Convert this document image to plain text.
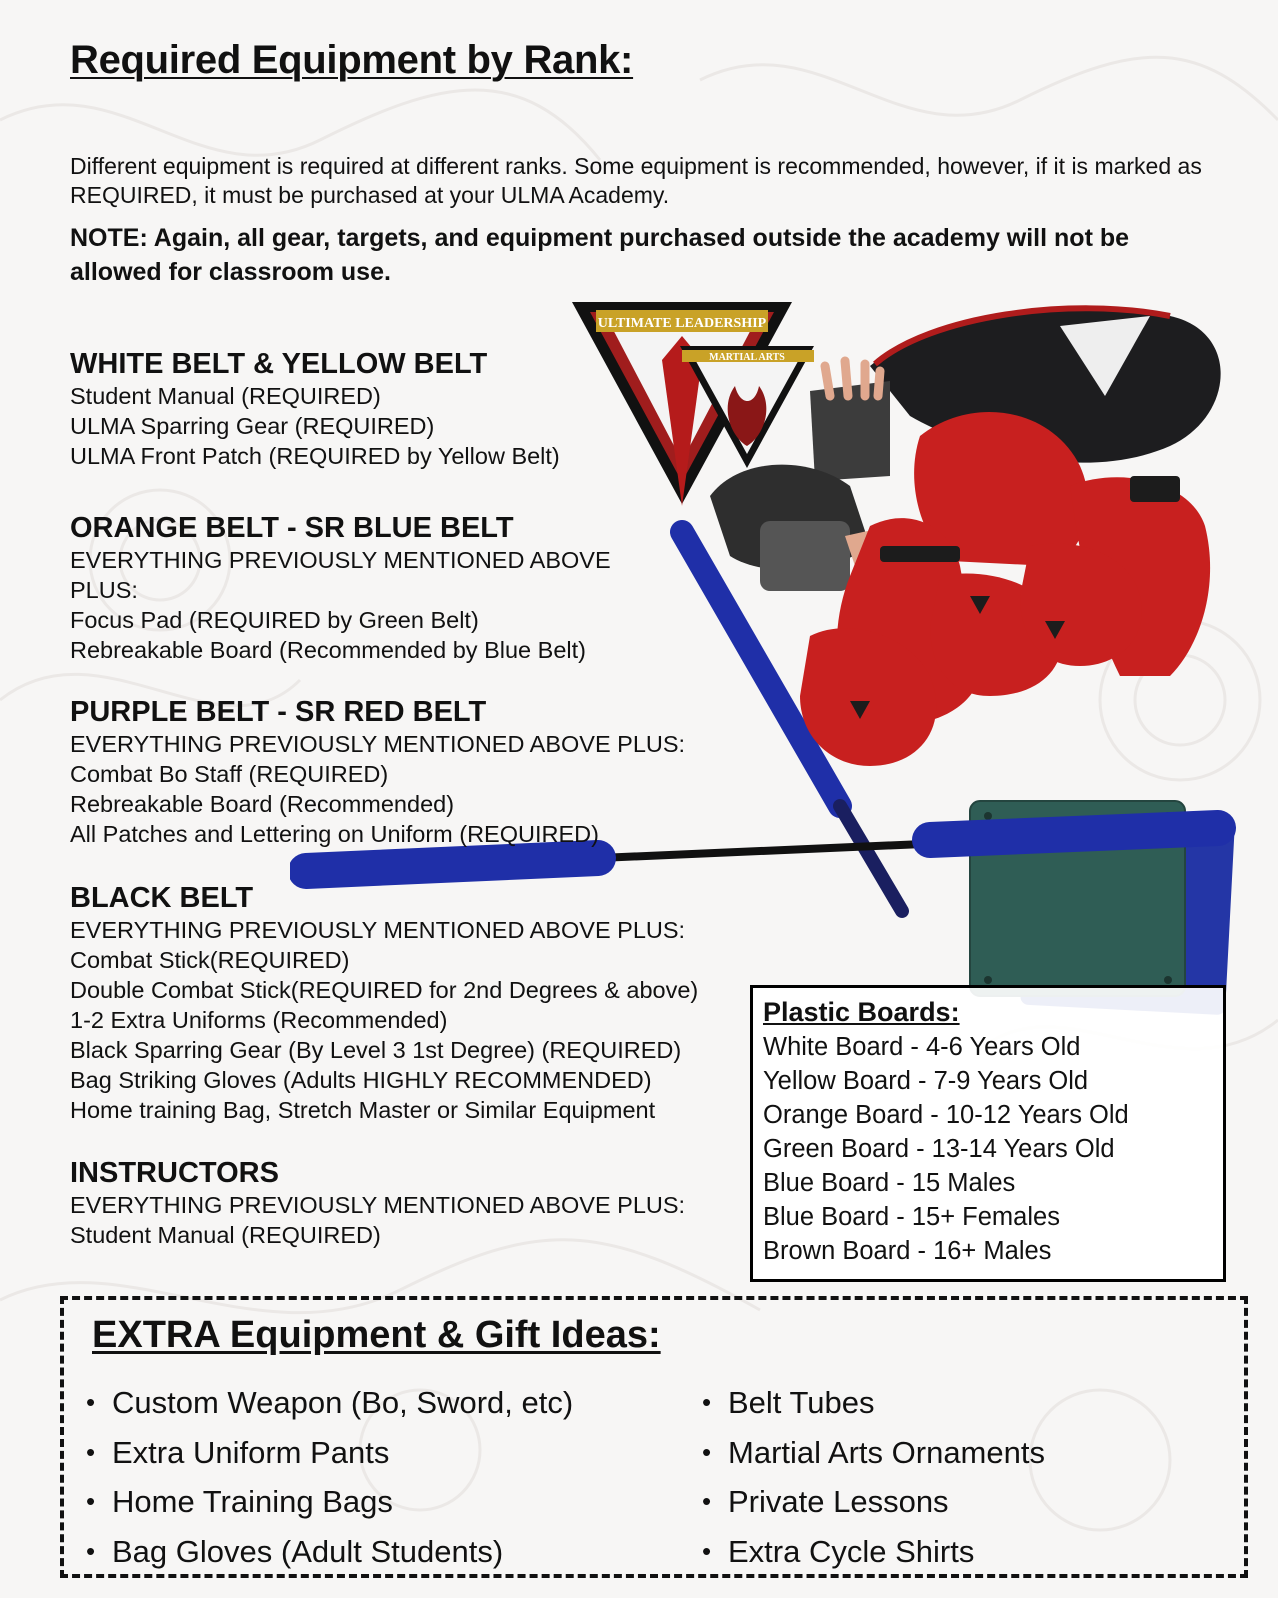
ULTIMATE LEADERSHIP
MARTIAL ARTS
Required Equipment by Rank:

Different equipment is required at different ranks. Some equipment is recommended, however, if it is marked as REQUIRED, it must be purchased at your ULMA Academy.

NOTE: Again, all gear, targets, and equipment purchased outside the academy will not be allowed for classroom use.

WHITE BELT & YELLOW BELT
Student Manual (REQUIRED)
ULMA Sparring Gear (REQUIRED)
ULMA Front Patch (REQUIRED by Yellow Belt)
ORANGE BELT - SR BLUE BELT
EVERYTHING PREVIOUSLY MENTIONED ABOVE
PLUS:
Focus Pad (REQUIRED by Green Belt)
Rebreakable Board (Recommended by Blue Belt)
PURPLE BELT - SR RED BELT
EVERYTHING PREVIOUSLY MENTIONED ABOVE PLUS:
Combat Bo Staff (REQUIRED)
Rebreakable Board (Recommended)
All Patches and Lettering on Uniform (REQUIRED)
BLACK BELT
EVERYTHING PREVIOUSLY MENTIONED ABOVE PLUS:
Combat Stick(REQUIRED)
Double Combat Stick(REQUIRED for 2nd Degrees & above)
1-2 Extra Uniforms (Recommended)
Black Sparring Gear (By Level 3 1st Degree) (REQUIRED)
Bag Striking Gloves (Adults HIGHLY RECOMMENDED)
Home training Bag, Stretch Master or Similar Equipment
INSTRUCTORS
EVERYTHING PREVIOUSLY MENTIONED ABOVE PLUS:
Student Manual (REQUIRED)
Plastic Boards:
White Board - 4-6 Years Old
Yellow Board - 7-9 Years Old
Orange Board - 10-12 Years Old
Green Board - 13-14 Years Old
Blue Board - 15 Males
Blue Board - 15+ Females
Brown Board - 16+ Males
EXTRA Equipment & Gift Ideas:
• Custom Weapon (Bo, Sword, etc)
• Extra Uniform Pants
• Home Training Bags
• Bag Gloves (Adult Students)
• Belt Tubes
• Martial Arts Ornaments
• Private Lessons
• Extra Cycle Shirts
